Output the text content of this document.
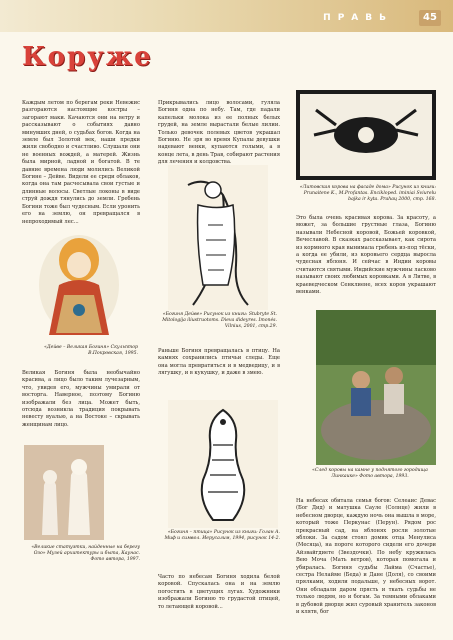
ПРАВЬ	45
Коруже
Каждым летом по берегам реки Невежис разгораются настоящие костры – загорают маки. Качаются они на ветру и рассказывают о событиях давно минувших дней, о судьбах богов. Когда на земле был Золотой век, наши предки жили свободно и счастливо. Слушали они не военных вождей, а матерей. Жизнь была мирной, ладной и богатой. В те давние времена люди молились Великой Богине – Дейве. Видели ее среди облаков, когда она там расчесывала свои густые и длинные волосы. Светлые локоны в виде струй дождя тянулись до земли. Гребень Богини тоже был чудесным. Если уронить его на землю, он превращался в непроходимый лес...
«Дейве – Великая Богиня» Скульптор В.Покровская, 1995.
Великая Богиня была необычайно красива, а лицо было таким лучезарным, что, увидев его, мужчины умирали от восторга. Наверное, поэтому Богиню изображали без лица. Может быть, отсюда возникла традиция покрывать невесту вуалью, а на Востоке – скрывать женщинам лицо.
«Великие статуэтки, найденные на берегу Озо» Музей архитектуры и быта, Каунас. Фото автора, 1997.
Прикрывались лицо волосами, гуляла Богиня одна по небу. Там, где падали капельки молока из ее полных белых грудей, на земле вырастали белые лилии. Только девочек полевых цветов украшал Богиню. Не зря во время Купалы девушки надевают венки, купаются голыми, а в конце лета, в день Трав, собирают растения для лечения и колдовства.
«Богиня Дейве» Рисунок из книги: Stubryte St. Mitologija iliustruotoms. Dieva dideyres. Imonės. Vilnius, 2001, стр.29.
Раньше Богиня превращалась в птицу. На камнях сохранились птичьи следы. Еще она могла превратиться и в медведицу, и в лягушку, и в кукушку, и даже в змею.
«Богиня – птица» Рисунок из книги: Голан А. Миф и символ. Иерусалим, 1994, рисунок 14-2.
Часто по небесам Богиня ходила белой коровой. Спускалась она и на землю погостить в цветущих лугах. Художники изображали Богиню то грудастой птицей, то летающей коровой...
«Литовская корова на фасаде дома» Рисунок из книги: Prunaitene K., M.Profantas. Encikloped. iminiai Sviurelu bajka ir kyta. Prahaų 2000, стр. 168.
Это была очень красивая корова. За красоту, а может, за большие грустные глаза, Богиню называли Небесной коровой, Божьей коровкой, Вечеславой. В сказках рассказывает, как сирота из кормного края вынимала гребень из-под тёски, а когда ее убили, из коровьего сердца выросла чудесная яблоня. И сейчас в Индии коровы считаются святыми. Индийские мужчины ласково называют своих любимых коровками. А в Литве, в краеведческом Сенклиене, всех коров украшают венками.
«След коровы на камне у поднятого городища Линкаике» Фото автора, 1993.
На небесах обитала семья богов: Селеаис Девас (Бог Дид) и матушка Сауле (Солнце) жили в небесном дворце, каждую ночь она вышла в море, который тоже Перкунас (Перун). Рядом рос прекрасный сад, на яблонях росли золотые яблоки. За садом стоял домик отца Менулиса (Месяца), на пороге которого сидели его дочери Айзвайгдиете (Звездочки). По небу кружилась Вею Моча (Мать ветров), которая помогала и убиралась. Богиня судьбы Лайма (Счастье), сестра Нелайме (Беда) и Дане (Доля), со своими прялками, ходили подальше, у небесных ворот. Они обладали даром прясть и ткать судьбы не только людям, но и богам. За темными облаками в дубовой дворце жил суровый хранитель законов и клятв, бог
